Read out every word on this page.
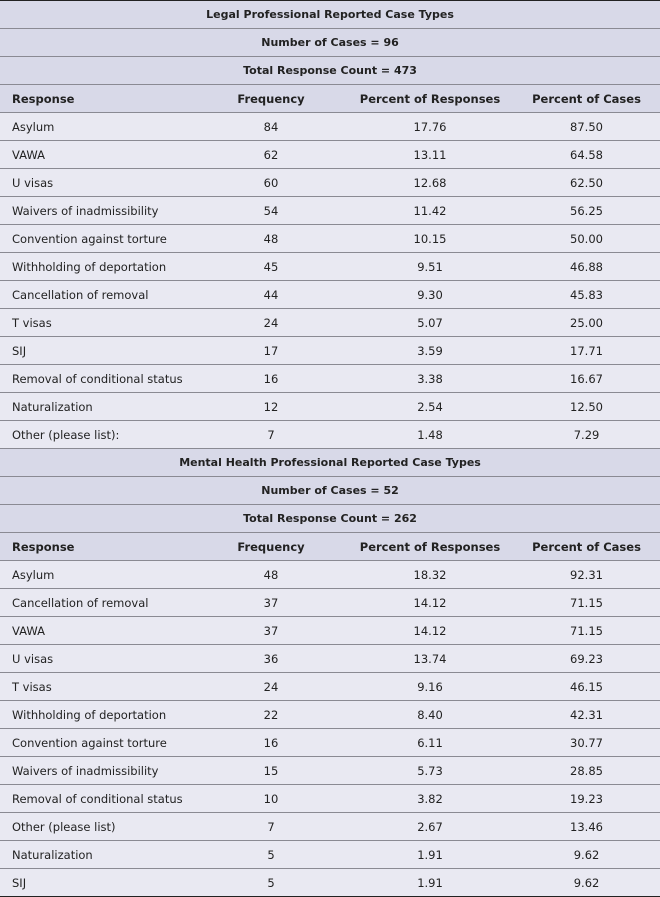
Legal Professional Reported Case Types			
Number of Cases = 96			
Total Response Count = 473			
Response	Frequency	Percent of Responses	Percent of Cases
Asylum	84	17.76	87.50
VAWA	62	13.11	64.58
U visas	60	12.68	62.50
Waivers of inadmissibility	54	11.42	56.25
Convention against torture	48	10.15	50.00
Withholding of deportation	45	9.51	46.88
Cancellation of removal	44	9.30	45.83
T visas	24	5.07	25.00
SIJ	17	3.59	17.71
Removal of conditional status	16	3.38	16.67
Naturalization	12	2.54	12.50
Other (please list):	7	1.48	7.29
Mental Health Professional Reported Case Types			
Number of Cases = 52			
Total Response Count = 262			
Response	Frequency	Percent of Responses	Percent of Cases
Asylum	48	18.32	92.31
Cancellation of removal	37	14.12	71.15
VAWA	37	14.12	71.15
U visas	36	13.74	69.23
T visas	24	9.16	46.15
Withholding of deportation	22	8.40	42.31
Convention against torture	16	6.11	30.77
Waivers of inadmissibility	15	5.73	28.85
Removal of conditional status	10	3.82	19.23
Other (please list)	7	2.67	13.46
Naturalization	5	1.91	9.62
SIJ	5	1.91	9.62
